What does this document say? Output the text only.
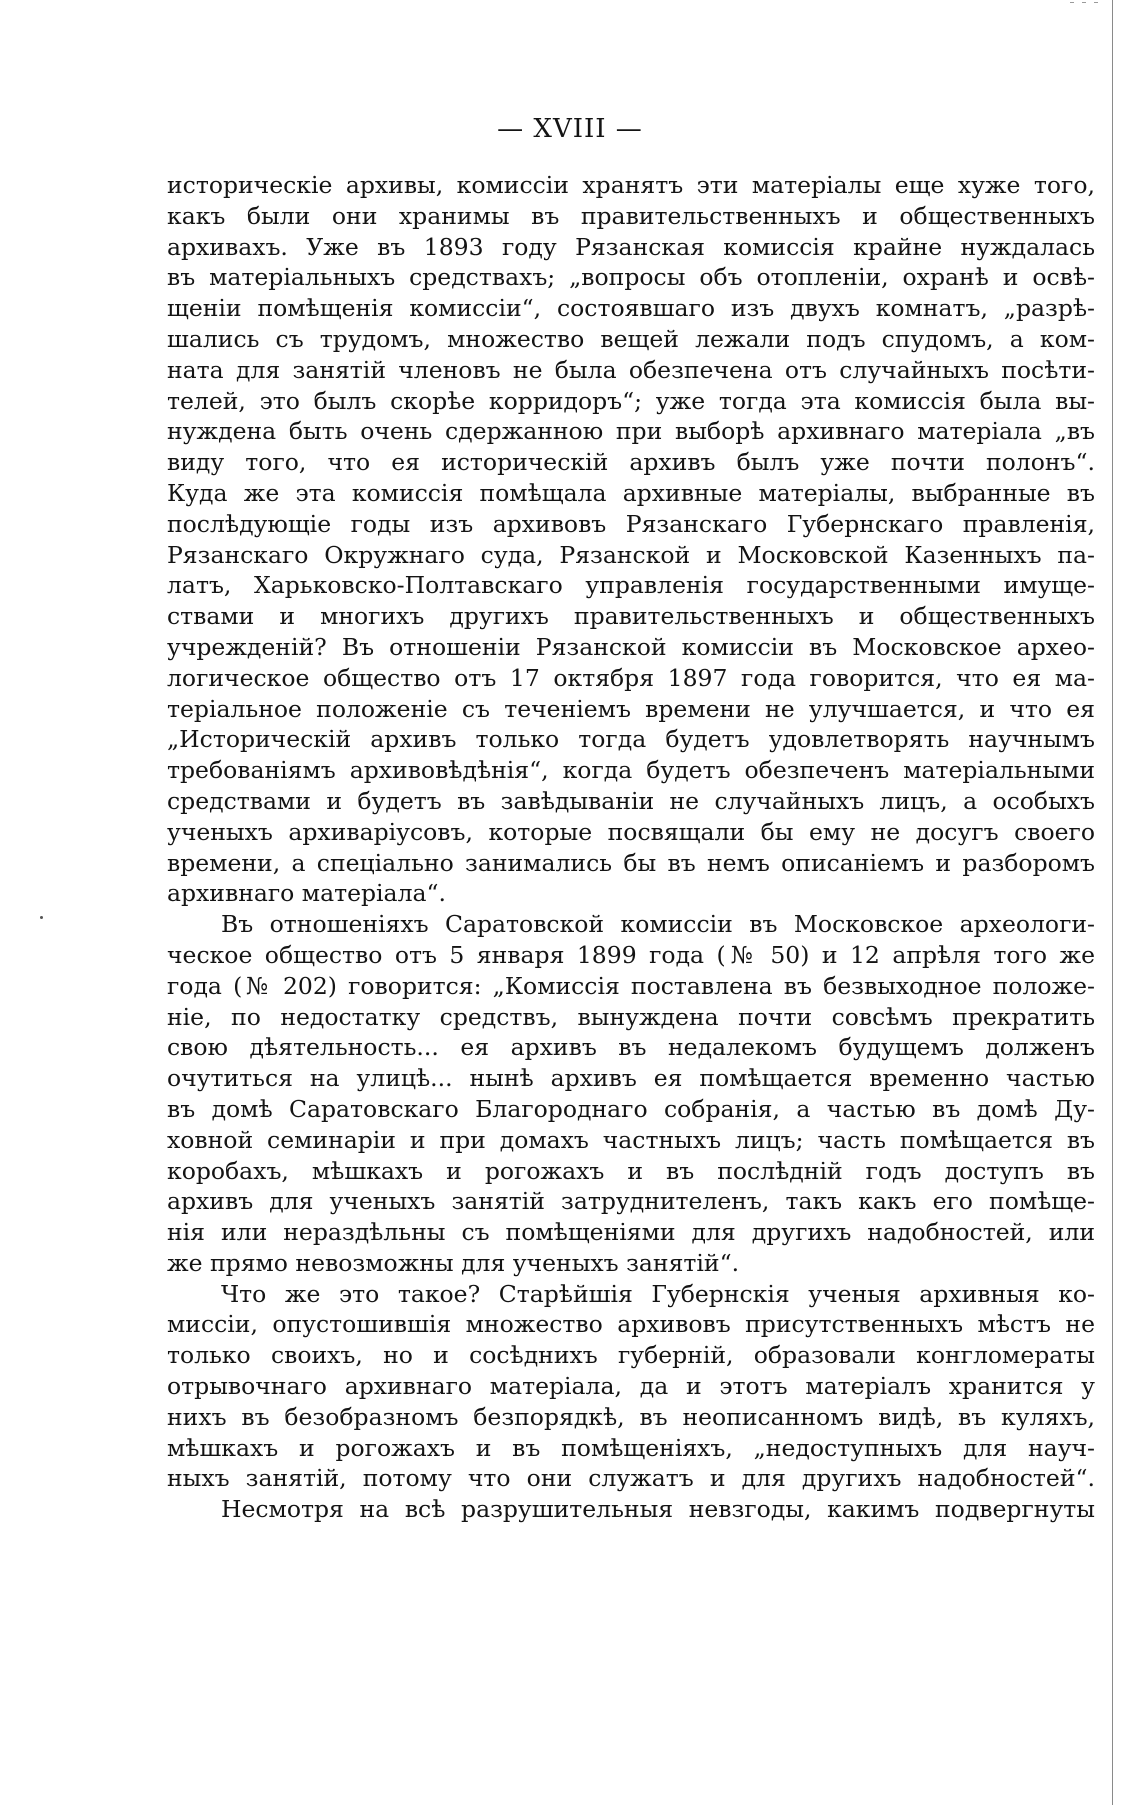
— XVIII —
историческіе архивы, комиссіи хранятъ эти матеріалы еще хуже того,
какъ были они хранимы въ правительственныхъ и общественныхъ
архивахъ. Уже въ 1893 году Рязанская комиссія крайне нуждалась
въ матеріальныхъ средствахъ; „вопросы объ отопленіи, охранѣ и освѣ-
щеніи помѣщенія комиссіи“, состоявшаго изъ двухъ комнатъ, „разрѣ-
шались съ трудомъ, множество вещей лежали подъ спудомъ, а ком-
ната для занятій членовъ не была обезпечена отъ случайныхъ посѣти-
телей, это былъ скорѣе корридоръ“; уже тогда эта комиссія была вы-
нуждена быть очень сдержанною при выборѣ архивнаго матеріала „въ
виду того, что ея историческій архивъ былъ уже почти полонъ“.
Куда же эта комиссія помѣщала архивные матеріалы, выбранные въ
послѣдующіе годы изъ архивовъ Рязанскаго Губернскаго правленія,
Рязанскаго Окружнаго суда, Рязанской и Московской Казенныхъ па-
латъ, Харьковско-Полтавскаго управленія государственными имуще-
ствами и многихъ другихъ правительственныхъ и общественныхъ
учрежденій? Въ отношеніи Рязанской комиссіи въ Московское архео-
логическое общество отъ 17 октября 1897 года говорится, что ея ма-
теріальное положеніе съ теченіемъ времени не улучшается, и что ея
„Историческій архивъ только тогда будетъ удовлетворять научнымъ
требованіямъ архивовѣдѣнія“, когда будетъ обезпеченъ матеріальными
средствами и будетъ въ завѣдываніи не случайныхъ лицъ, а особыхъ
ученыхъ архиваріусовъ, которые посвящали бы ему не досугъ своего
времени, а спеціально занимались бы въ немъ описаніемъ и разборомъ
архивнаго матеріала“.
Въ отношеніяхъ Саратовской комиссіи въ Московское археологи-
ческое общество отъ 5 января 1899 года (№ 50) и 12 апрѣля того же
года (№ 202) говорится: „Комиссія поставлена въ безвыходное положе-
ніе, по недостатку средствъ, вынуждена почти совсѣмъ прекратить
свою дѣятельность... ея архивъ въ недалекомъ будущемъ долженъ
очутиться на улицѣ... нынѣ архивъ ея помѣщается временно частью
въ домѣ Саратовскаго Благороднаго собранія, а частью въ домѣ Ду-
ховной семинаріи и при домахъ частныхъ лицъ; часть помѣщается въ
коробахъ, мѣшкахъ и рогожахъ и въ послѣдній годъ доступъ въ
архивъ для ученыхъ занятій затруднителенъ, такъ какъ его помѣще-
нія или нераздѣльны съ помѣщеніями для другихъ надобностей, или
же прямо невозможны для ученыхъ занятій“.
Что же это такое? Старѣйшія Губернскія ученыя архивныя ко-
миссіи, опустошившія множество архивовъ присутственныхъ мѣстъ не
только своихъ, но и сосѣднихъ губерній, образовали конгломераты
отрывочнаго архивнаго матеріала, да и этотъ матеріалъ хранится у
нихъ въ безобразномъ безпорядкѣ, въ неописанномъ видѣ, въ куляхъ,
мѣшкахъ и рогожахъ и въ помѣщеніяхъ, „недоступныхъ для науч-
ныхъ занятій, потому что они служатъ и для другихъ надобностей“.
Несмотря на всѣ разрушительныя невзгоды, какимъ подвергнуты
